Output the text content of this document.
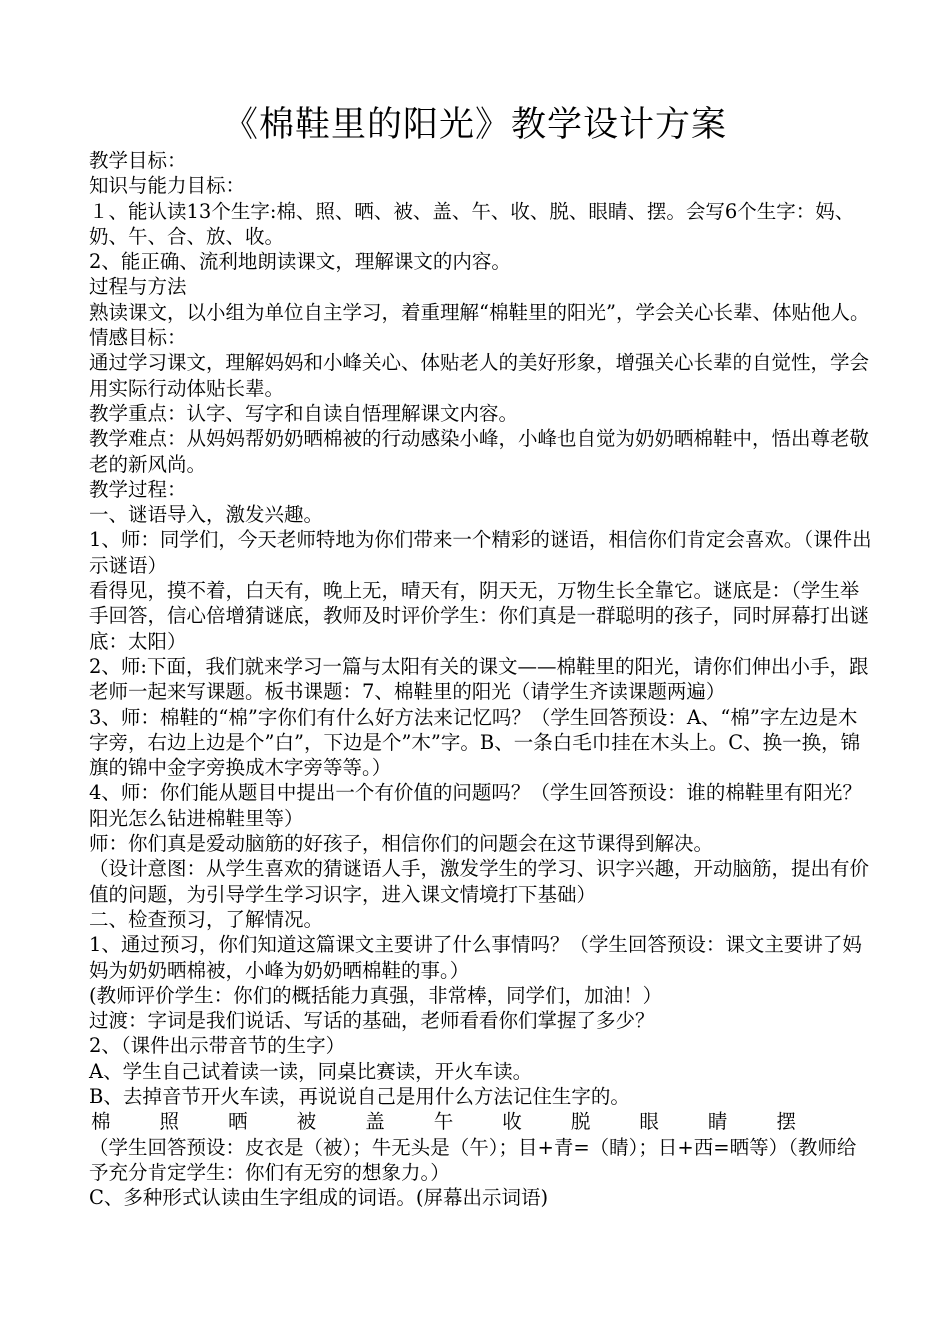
《棉鞋里的阳光》教学设计方案

教学目标：

知识与能力目标：

１、能认读13个生字:棉、照、晒、被、盖、午、收、脱、眼睛、摆。会写6个生字：妈、奶、午、合、放、收。

2、能正确、流利地朗读课文，理解课文的内容。

过程与方法

熟读课文，以小组为单位自主学习，着重理解“棉鞋里的阳光”，学会关心长辈、体贴他人。

情感目标：

通过学习课文，理解妈妈和小峰关心、体贴老人的美好形象，增强关心长辈的自觉性，学会用实际行动体贴长辈。

教学重点：认字、写字和自读自悟理解课文内容。

教学难点：从妈妈帮奶奶晒棉被的行动感染小峰，小峰也自觉为奶奶晒棉鞋中，悟出尊老敬老的新风尚。

教学过程：

一、谜语导入，激发兴趣。

1、师：同学们，今天老师特地为你们带来一个精彩的谜语，相信你们肯定会喜欢。（课件出示谜语）

看得见，摸不着，白天有，晚上无，晴天有，阴天无，万物生长全靠它。谜底是：（学生举手回答，信心倍增猜谜底，教师及时评价学生：你们真是一群聪明的孩子，同时屏幕打出谜底：太阳）

2、师:下面，我们就来学习一篇与太阳有关的课文——棉鞋里的阳光，请你们伸出小手，跟老师一起来写课题。板书课题：7、棉鞋里的阳光（请学生齐读课题两遍）

3、师：棉鞋的“棉”字你们有什么好方法来记忆吗？（学生回答预设：A、“棉”字左边是木字旁，右边上边是个”白”，下边是个”木”字。B、一条白毛巾挂在木头上。C、换一换，锦旗的锦中金字旁换成木字旁等等。）

4、师：你们能从题目中提出一个有价值的问题吗？（学生回答预设：谁的棉鞋里有阳光？阳光怎么钻进棉鞋里等）

师：你们真是爱动脑筋的好孩子，相信你们的问题会在这节课得到解决。

（设计意图：从学生喜欢的猜谜语人手，激发学生的学习、识字兴趣，开动脑筋，提出有价值的问题，为引导学生学习识字，进入课文情境打下基础）

二、检查预习，了解情况。

1、通过预习，你们知道这篇课文主要讲了什么事情吗？（学生回答预设：课文主要讲了妈妈为奶奶晒棉被，小峰为奶奶晒棉鞋的事。）

(教师评价学生：你们的概括能力真强，非常棒，同学们，加油！）

过渡：字词是我们说话、写话的基础，老师看看你们掌握了多少？

2、（课件出示带音节的生字）

A、学生自己试着读一读，同桌比赛读，开火车读。

B、去掉音节开火车读，再说说自己是用什么方法记住生字的。

棉	照	晒	被	盖	午	收	脱	眼	睛	摆

（学生回答预设：皮衣是（被）；牛无头是（午）；目+青=（睛）；日+西=晒等）（教师给予充分肯定学生：你们有无穷的想象力。）

C、多种形式认读由生字组成的词语。(屏幕出示词语)
